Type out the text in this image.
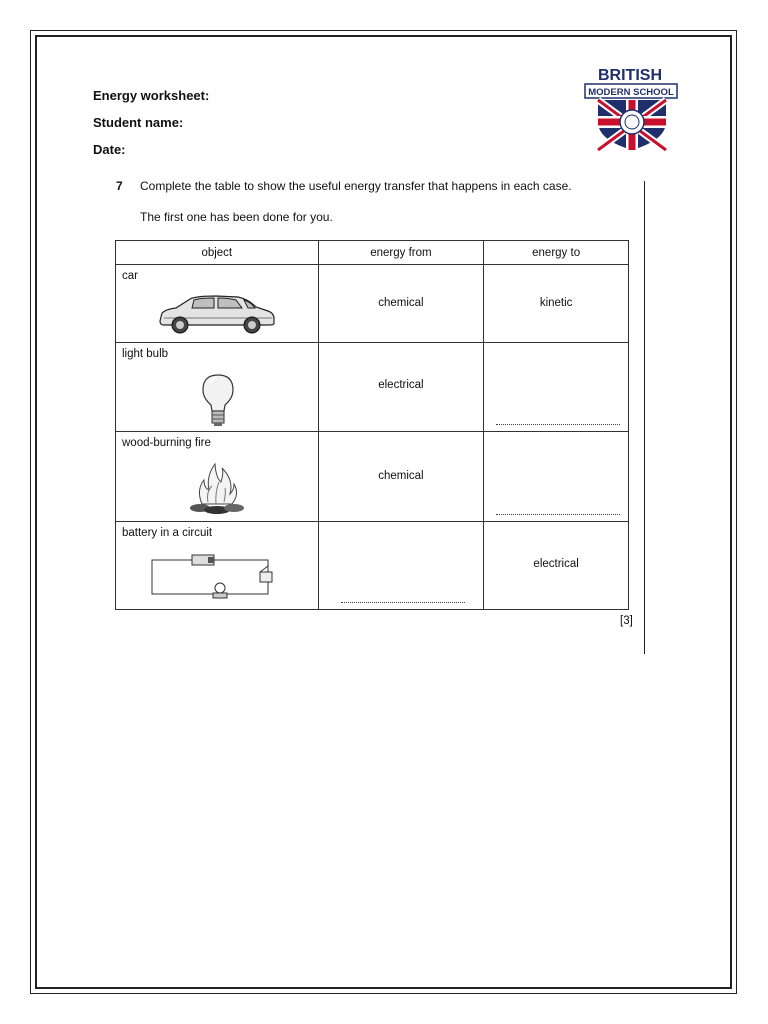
Energy worksheet:
Student name:
Date:
BRITISH
MODERN SCHOOL
7 Complete the table to show the useful energy transfer that happens in each case.
The first one has been done for you.
object	energy from	energy to

car	chemical	kinetic

light bulb	electrical	

wood-burning fire	chemical	

battery in a circuit		electrical
[3]
